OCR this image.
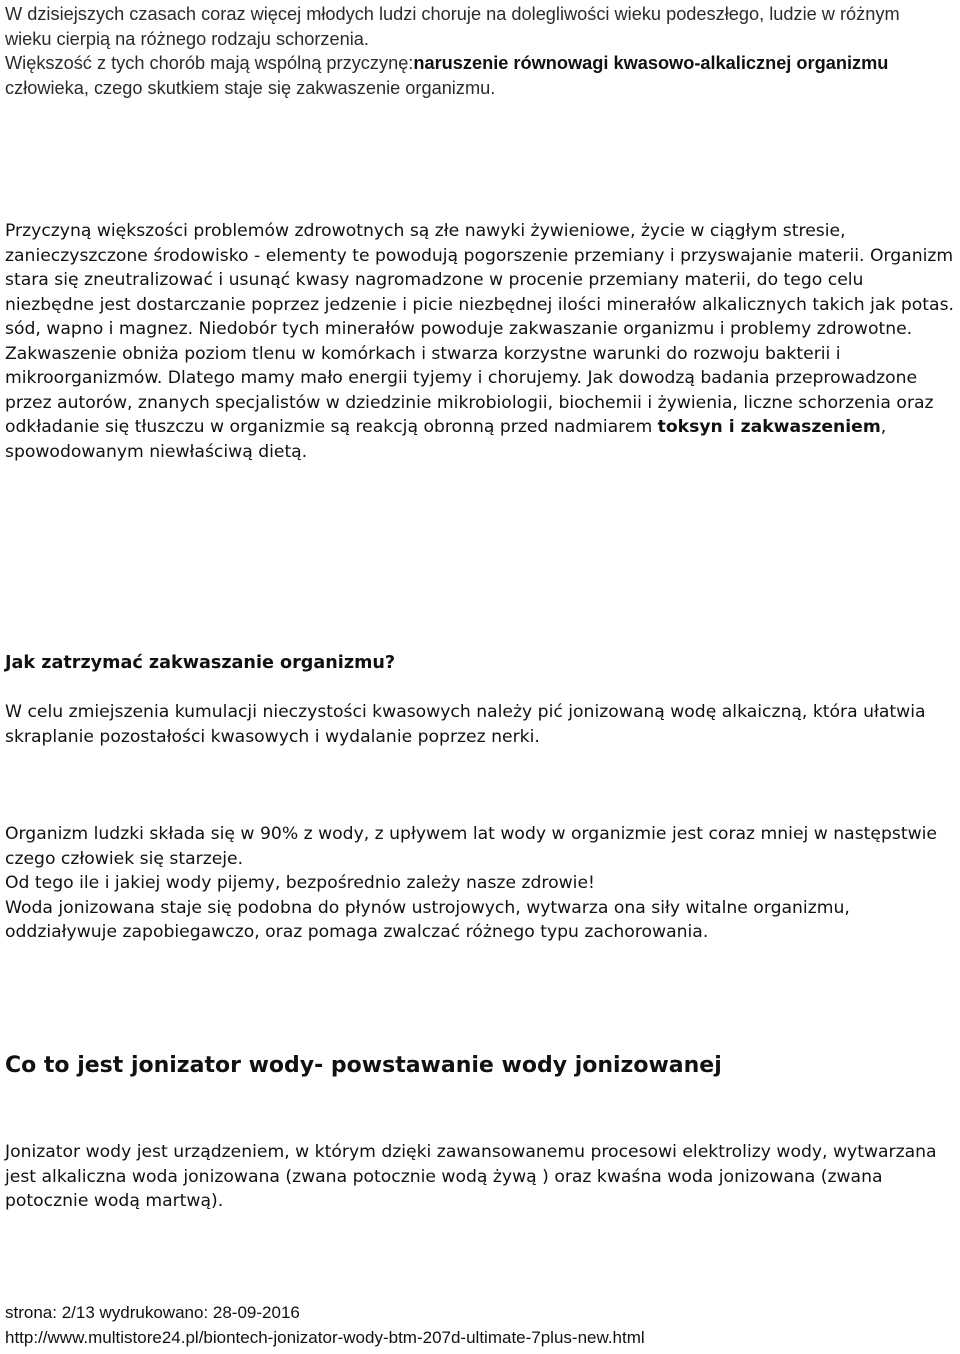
W dzisiejszych czasach coraz więcej młodych ludzi choruje na dolegliwości wieku podeszłego, ludzie w różnym wieku cierpią na różnego rodzaju schorzenia.
Większość z tych chorób mają wspólną przyczynę:naruszenie równowagi kwasowo-alkalicznej organizmu człowieka, czego skutkiem staje się zakwaszenie organizmu.
Przyczyną większości problemów zdrowotnych są złe nawyki żywieniowe, życie w ciągłym stresie, zanieczyszczone środowisko - elementy te powodują pogorszenie przemiany i przyswajanie materii. Organizm stara się zneutralizować i usunąć kwasy nagromadzone w procenie przemiany materii, do tego celu niezbędne jest dostarczanie poprzez jedzenie i picie niezbędnej ilości minerałów alkalicznych takich jak potas. sód, wapno i magnez. Niedobór tych minerałów powoduje zakwaszanie organizmu i problemy zdrowotne. Zakwaszenie obniża poziom tlenu w komórkach i stwarza korzystne warunki do rozwoju bakterii i mikroorganizmów. Dlatego mamy mało energii tyjemy i chorujemy. Jak dowodzą badania przeprowadzone przez autorów, znanych specjalistów w dziedzinie mikrobiologii, biochemii i żywienia, liczne schorzenia oraz odkładanie się tłuszczu w organizmie są reakcją obronną przed nadmiarem toksyn i zakwaszeniem, spowodowanym niewłaściwą dietą.
Jak zatrzymać zakwaszanie organizmu?
W celu zmiejszenia kumulacji nieczystości kwasowych należy pić jonizowaną wodę alkaiczną, która ułatwia skraplanie pozostałości kwasowych i wydalanie poprzez nerki.
Organizm ludzki składa się w 90% z wody, z upływem lat wody w organizmie jest coraz mniej w następstwie czego człowiek się starzeje.
Od tego ile i jakiej wody pijemy, bezpośrednio zależy nasze zdrowie!
Woda jonizowana staje się podobna do płynów ustrojowych, wytwarza ona siły witalne organizmu, oddziaływuje zapobiegawczo, oraz pomaga zwalczać różnego typu zachorowania.
Co to jest jonizator wody- powstawanie wody jonizowanej
Jonizator wody jest urządzeniem, w którym dzięki zawansowanemu procesowi elektrolizy wody, wytwarzana jest alkaliczna woda jonizowana (zwana potocznie wodą żywą ) oraz kwaśna woda jonizowana (zwana potocznie wodą martwą).
strona: 2/13 wydrukowano: 28-09-2016
http://www.multistore24.pl/biontech-jonizator-wody-btm-207d-ultimate-7plus-new.html
